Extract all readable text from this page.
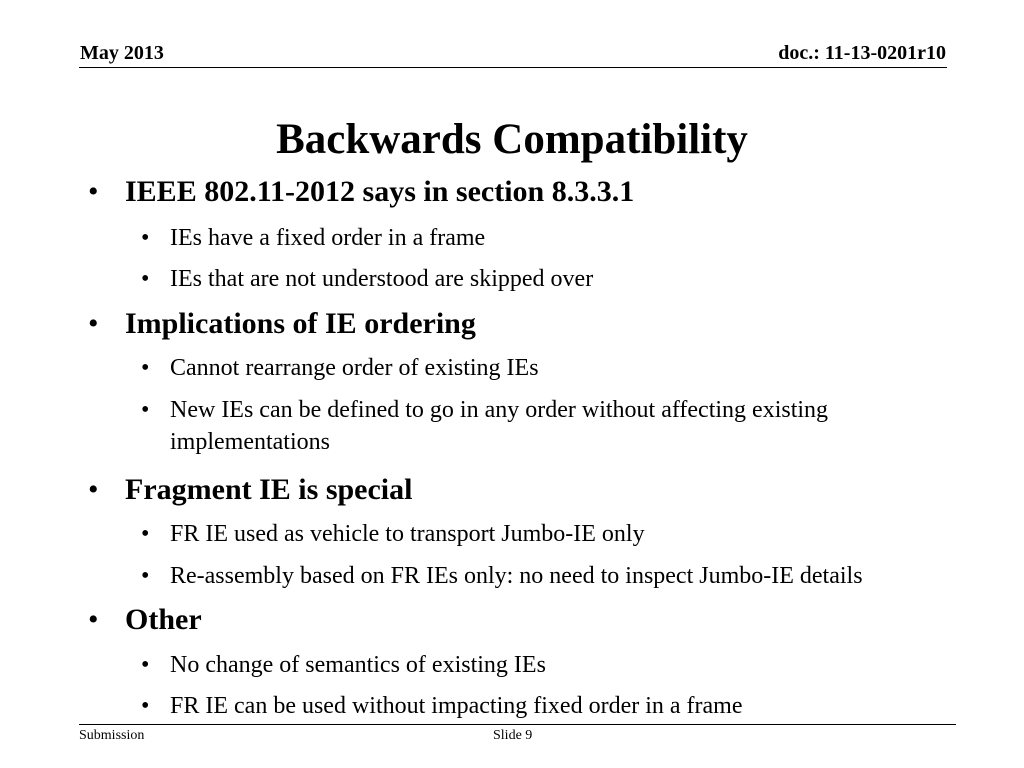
May 2013	doc.: 11-13-0201r10
Backwards Compatibility
• IEEE 802.11-2012 says in section 8.3.3.1
• IEs have a fixed order in a frame
• IEs that are not understood are skipped over
• Implications of IE ordering
• Cannot rearrange order of existing IEs
• New IEs can be defined to go in any order without affecting existing implementations
• Fragment IE is special
• FR IE used as vehicle to transport Jumbo-IE only
• Re-assembly based on FR IEs only: no need to inspect Jumbo-IE details
• Other
• No change of semantics of existing IEs
• FR IE can be used without impacting fixed order in a frame
Submission	Slide 9
